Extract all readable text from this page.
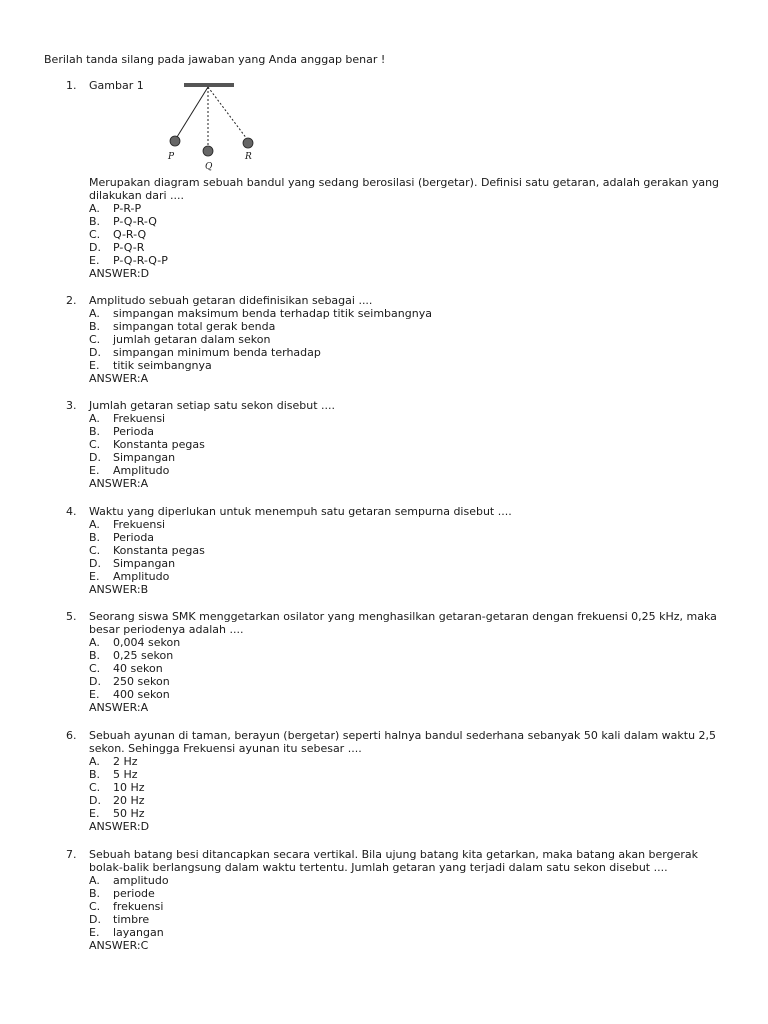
Berilah tanda silang pada jawaban yang Anda anggap benar !
1. Gambar 1
P
Q
R
Merupakan diagram sebuah bandul yang sedang berosilasi (bergetar). Definisi satu getaran, adalah gerakan yang dilakukan dari ....
A. P-R-P
B. P-Q-R-Q
C. Q-R-Q
D. P-Q-R
E. P-Q-R-Q-P
ANSWER:D
2. Amplitudo sebuah getaran didefinisikan sebagai ....
A. simpangan maksimum benda terhadap titik seimbangnya
B. simpangan total gerak benda
C. jumlah getaran dalam sekon
D. simpangan minimum benda terhadap
E. titik seimbangnya
ANSWER:A
3. Jumlah getaran setiap satu sekon disebut ....
A. Frekuensi
B. Perioda
C. Konstanta pegas
D. Simpangan
E. Amplitudo
ANSWER:A
4. Waktu yang diperlukan untuk menempuh satu getaran sempurna disebut ....
A. Frekuensi
B. Perioda
C. Konstanta pegas
D. Simpangan
E. Amplitudo
ANSWER:B
5. Seorang siswa SMK menggetarkan osilator yang menghasilkan getaran-getaran dengan frekuensi 0,25 kHz, maka besar periodenya adalah ....
A. 0,004 sekon
B. 0,25 sekon
C. 40 sekon
D. 250 sekon
E. 400 sekon
ANSWER:A
6. Sebuah ayunan di taman, berayun (bergetar) seperti halnya bandul sederhana sebanyak 50 kali dalam waktu 2,5 sekon. Sehingga Frekuensi ayunan itu sebesar ....
A. 2 Hz
B. 5 Hz
C. 10 Hz
D. 20 Hz
E. 50 Hz
ANSWER:D
7. Sebuah batang besi ditancapkan secara vertikal. Bila ujung batang kita getarkan, maka batang akan bergerak bolak-balik berlangsung dalam waktu tertentu. Jumlah getaran yang terjadi dalam satu sekon disebut ....
A. amplitudo
B. periode
C. frekuensi
D. timbre
E. layangan
ANSWER:C
